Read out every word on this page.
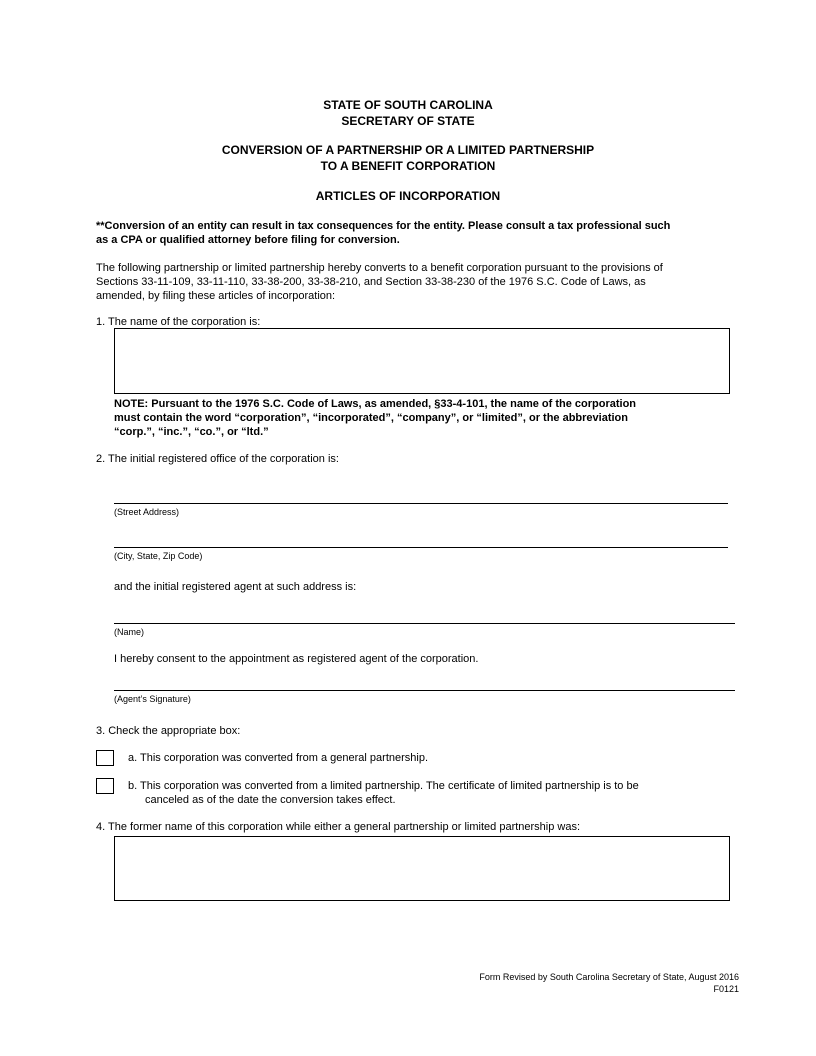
STATE OF SOUTH CAROLINA
SECRETARY OF STATE
CONVERSION OF A PARTNERSHIP OR A LIMITED PARTNERSHIP
TO A BENEFIT CORPORATION
ARTICLES OF INCORPORATION
**Conversion of an entity can result in tax consequences for the entity. Please consult a tax professional such
as a CPA or qualified attorney before filing for conversion.
The following partnership or limited partnership hereby converts to a benefit corporation pursuant to the provisions of
Sections 33-11-109, 33-11-110, 33-38-200, 33-38-210, and Section 33-38-230 of the 1976 S.C. Code of Laws, as
amended, by filing these articles of incorporation:
1. The name of the corporation is:
NOTE: Pursuant to the 1976 S.C. Code of Laws, as amended, §33-4-101, the name of the corporation
must contain the word “corporation”, “incorporated”, “company”, or “limited”, or the abbreviation
“corp.”, “inc.”, “co.”, or “ltd.”
2. The initial registered office of the corporation is:
(Street Address)
(City, State, Zip Code)
and the initial registered agent at such address is:
(Name)
I hereby consent to the appointment as registered agent of the corporation.
(Agent’s Signature)
3. Check the appropriate box:
a. This corporation was converted from a general partnership.
b. This corporation was converted from a limited partnership. The certificate of limited partnership is to be
canceled as of the date the conversion takes effect.
4. The former name of this corporation while either a general partnership or limited partnership was:
Form Revised by South Carolina Secretary of State, August 2016
F0121
